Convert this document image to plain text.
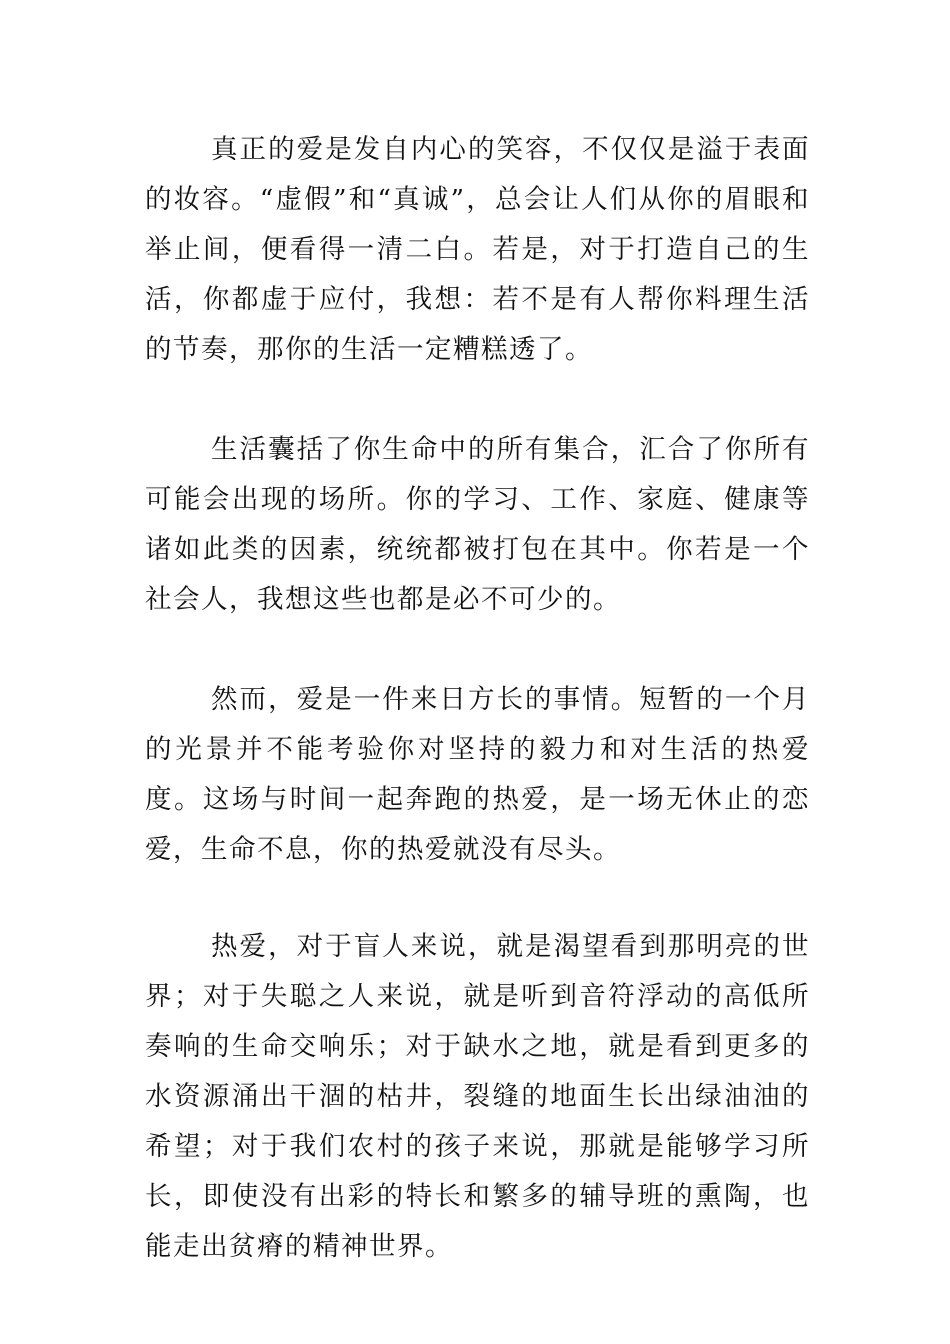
真正的爱是发自内心的笑容，不仅仅是溢于表面的妆容。“虚假”和“真诚”，总会让人们从你的眉眼和举止间，便看得一清二白。若是，对于打造自己的生活，你都虚于应付，我想：若不是有人帮你料理生活的节奏，那你的生活一定糟糕透了。

生活囊括了你生命中的所有集合，汇合了你所有可能会出现的场所。你的学习、工作、家庭、健康等诸如此类的因素，统统都被打包在其中。你若是一个社会人，我想这些也都是必不可少的。

然而，爱是一件来日方长的事情。短暂的一个月的光景并不能考验你对坚持的毅力和对生活的热爱度。这场与时间一起奔跑的热爱，是一场无休止的恋爱，生命不息，你的热爱就没有尽头。

热爱，对于盲人来说，就是渴望看到那明亮的世界；对于失聪之人来说，就是听到音符浮动的高低所奏响的生命交响乐；对于缺水之地，就是看到更多的水资源涌出干涸的枯井，裂缝的地面生长出绿油油的希望；对于我们农村的孩子来说，那就是能够学习所长，即使没有出彩的特长和繁多的辅导班的熏陶，也能走出贫瘠的精神世界。
